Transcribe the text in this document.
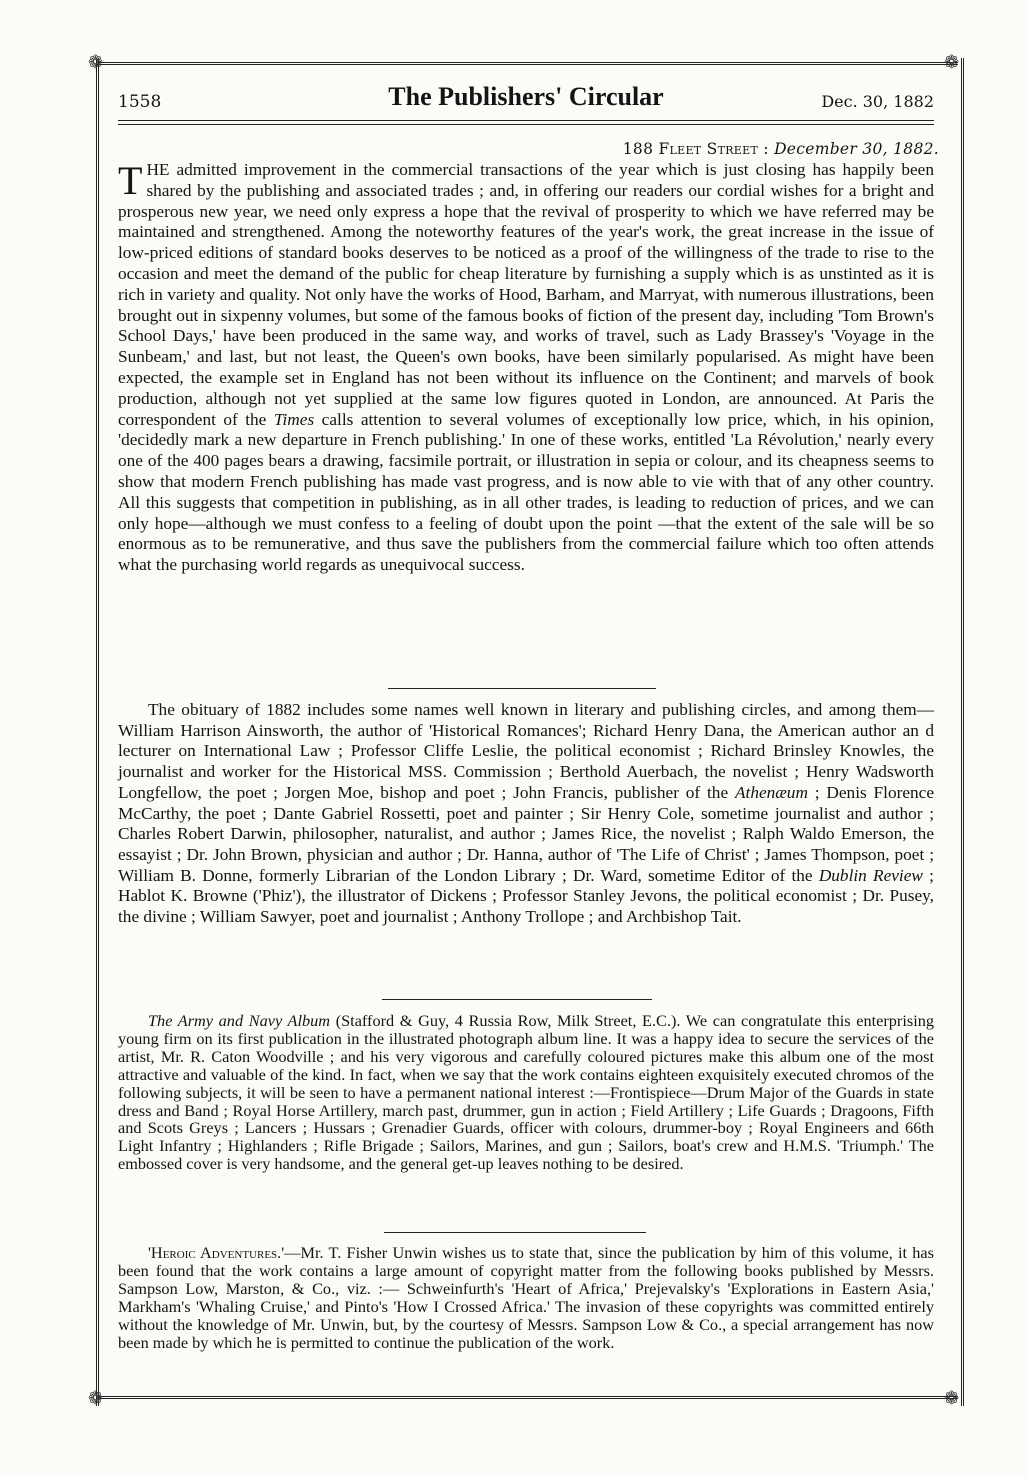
❁	❁
❁	❁
1558	The Publishers' Circular	Dec. 30, 1882
188 Fleet Street : December 30, 1882.
THE admitted improvement in the commercial transactions of the year which is just closing has happily been shared by the publishing and associated trades ; and, in offering our readers our cordial wishes for a bright and prosperous new year, we need only express a hope that the revival of prosperity to which we have referred may be maintained and strengthened. Among the noteworthy features of the year's work, the great increase in the issue of low-priced editions of standard books deserves to be noticed as a proof of the willingness of the trade to rise to the occasion and meet the demand of the public for cheap literature by furnishing a supply which is as unstinted as it is rich in variety and quality. Not only have the works of Hood, Barham, and Marryat, with numerous illustrations, been brought out in sixpenny volumes, but some of the famous books of fiction of the present day, including 'Tom Brown's School Days,' have been produced in the same way, and works of travel, such as Lady Brassey's 'Voyage in the Sunbeam,' and last, but not least, the Queen's own books, have been similarly popularised. As might have been expected, the example set in England has not been without its influence on the Continent; and marvels of book production, although not yet supplied at the same low figures quoted in London, are announced. At Paris the correspondent of the Times calls attention to several volumes of exceptionally low price, which, in his opinion, 'decidedly mark a new departure in French publishing.' In one of these works, entitled 'La Révolution,' nearly every one of the 400 pages bears a drawing, facsimile portrait, or illustration in sepia or colour, and its cheapness seems to show that modern French publishing has made vast progress, and is now able to vie with that of any other country. All this suggests that competition in publishing, as in all other trades, is leading to reduction of prices, and we can only hope—although we must confess to a feeling of doubt upon the point —that the extent of the sale will be so enormous as to be remunerative, and thus save the publishers from the commercial failure which too often attends what the purchasing world regards as unequivocal success.
The obituary of 1882 includes some names well known in literary and publishing circles, and among them—William Harrison Ainsworth, the author of 'Historical Romances'; Richard Henry Dana, the American author an d lecturer on International Law ; Professor Cliffe Leslie, the political economist ; Richard Brinsley Knowles, the journalist and worker for the Historical MSS. Commission ; Berthold Auerbach, the novelist ; Henry Wadsworth Longfellow, the poet ; Jorgen Moe, bishop and poet ; John Francis, publisher of the Athenæum ; Denis Florence McCarthy, the poet ; Dante Gabriel Rossetti, poet and painter ; Sir Henry Cole, sometime journalist and author ; Charles Robert Darwin, philosopher, naturalist, and author ; James Rice, the novelist ; Ralph Waldo Emerson, the essayist ; Dr. John Brown, physician and author ; Dr. Hanna, author of 'The Life of Christ' ; James Thompson, poet ; William B. Donne, formerly Librarian of the London Library ; Dr. Ward, sometime Editor of the Dublin Review ; Hablot K. Browne ('Phiz'), the illustrator of Dickens ; Professor Stanley Jevons, the political economist ; Dr. Pusey, the divine ; William Sawyer, poet and journalist ; Anthony Trollope ; and Archbishop Tait.
The Army and Navy Album (Stafford & Guy, 4 Russia Row, Milk Street, E.C.). We can congratulate this enterprising young firm on its first publication in the illustrated photograph album line. It was a happy idea to secure the services of the artist, Mr. R. Caton Woodville ; and his very vigorous and carefully coloured pictures make this album one of the most attractive and valuable of the kind. In fact, when we say that the work contains eighteen exquisitely executed chromos of the following subjects, it will be seen to have a permanent national interest :—Frontispiece—Drum Major of the Guards in state dress and Band ; Royal Horse Artillery, march past, drummer, gun in action ; Field Artillery ; Life Guards ; Dragoons, Fifth and Scots Greys ; Lancers ; Hussars ; Grenadier Guards, officer with colours, drummer-boy ; Royal Engineers and 66th Light Infantry ; Highlanders ; Rifle Brigade ; Sailors, Marines, and gun ; Sailors, boat's crew and H.M.S. 'Triumph.' The embossed cover is very handsome, and the general get-up leaves nothing to be desired.
'Heroic Adventures.'—Mr. T. Fisher Unwin wishes us to state that, since the publication by him of this volume, it has been found that the work contains a large amount of copyright matter from the following books published by Messrs. Sampson Low, Marston, & Co., viz. :— Schweinfurth's 'Heart of Africa,' Prejevalsky's 'Explorations in Eastern Asia,' Markham's 'Whaling Cruise,' and Pinto's 'How I Crossed Africa.' The invasion of these copyrights was committed entirely without the knowledge of Mr. Unwin, but, by the courtesy of Messrs. Sampson Low & Co., a special arrangement has now been made by which he is permitted to continue the publication of the work.
